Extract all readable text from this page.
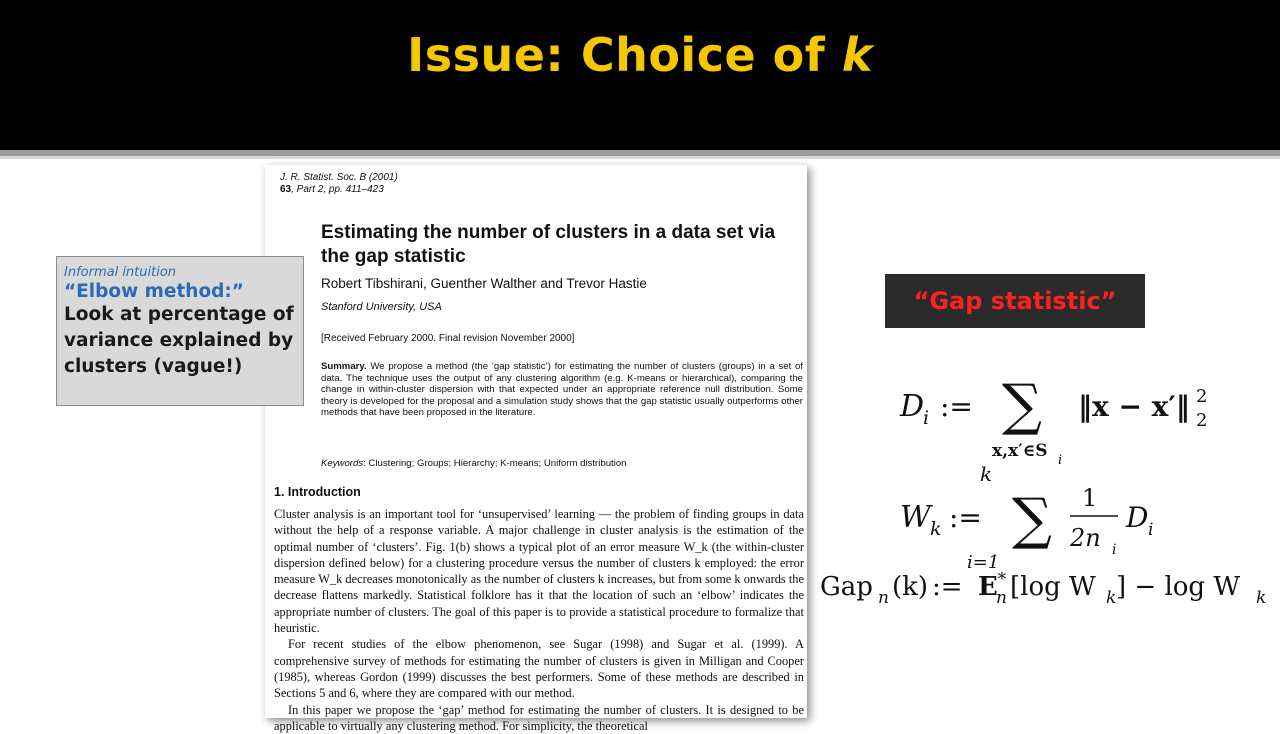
Issue: Choice of k
J. R. Statist. Soc. B (2001)
63, Part 2, pp. 411–423
Estimating the number of clusters in a data set via the gap statistic
Robert Tibshirani, Guenther Walther and Trevor Hastie
Stanford University, USA
[Received February 2000. Final revision November 2000]
Summary. We propose a method (the ‘gap statistic’) for estimating the number of clusters (groups) in a set of data. The technique uses the output of any clustering algorithm (e.g. K-means or hierarchical), comparing the change in within-cluster dispersion with that expected under an appropriate reference null distribution. Some theory is developed for the proposal and a simulation study shows that the gap statistic usually outperforms other methods that have been proposed in the literature.
Keywords: Clustering; Groups; Hierarchy; K-means; Uniform distribution
1. Introduction

Cluster analysis is an important tool for ‘unsupervised’ learning — the problem of finding groups in data without the help of a response variable. A major challenge in cluster analysis is the estimation of the optimal number of ‘clusters’. Fig. 1(b) shows a typical plot of an error measure W_k (the within-cluster dispersion defined below) for a clustering procedure versus the number of clusters k employed: the error measure W_k decreases monotonically as the number of clusters k increases, but from some k onwards the decrease flattens markedly. Statistical folklore has it that the location of such an ‘elbow’ indicates the appropriate number of clusters. The goal of this paper is to provide a statistical procedure to formalize that heuristic.

For recent studies of the elbow phenomenon, see Sugar (1998) and Sugar et al. (1999). A comprehensive survey of methods for estimating the number of clusters is given in Milligan and Cooper (1985), whereas Gordon (1999) discusses the best performers. Some of these methods are described in Sections 5 and 6, where they are compared with our method.

In this paper we propose the ‘gap’ method for estimating the number of clusters. It is designed to be applicable to virtually any clustering method. For simplicity, the theoretical

Informal intuition
“Elbow method:”
Look at percentage of variance explained by clusters (vague!)
“Gap statistic”
D
i := ∑
x,x′∈S i
‖x − x′‖ 2
2
k
W k := ∑
i=1
1
2n i
D i
Gap n (k) := E
∗
n [log W k ] − log W k
